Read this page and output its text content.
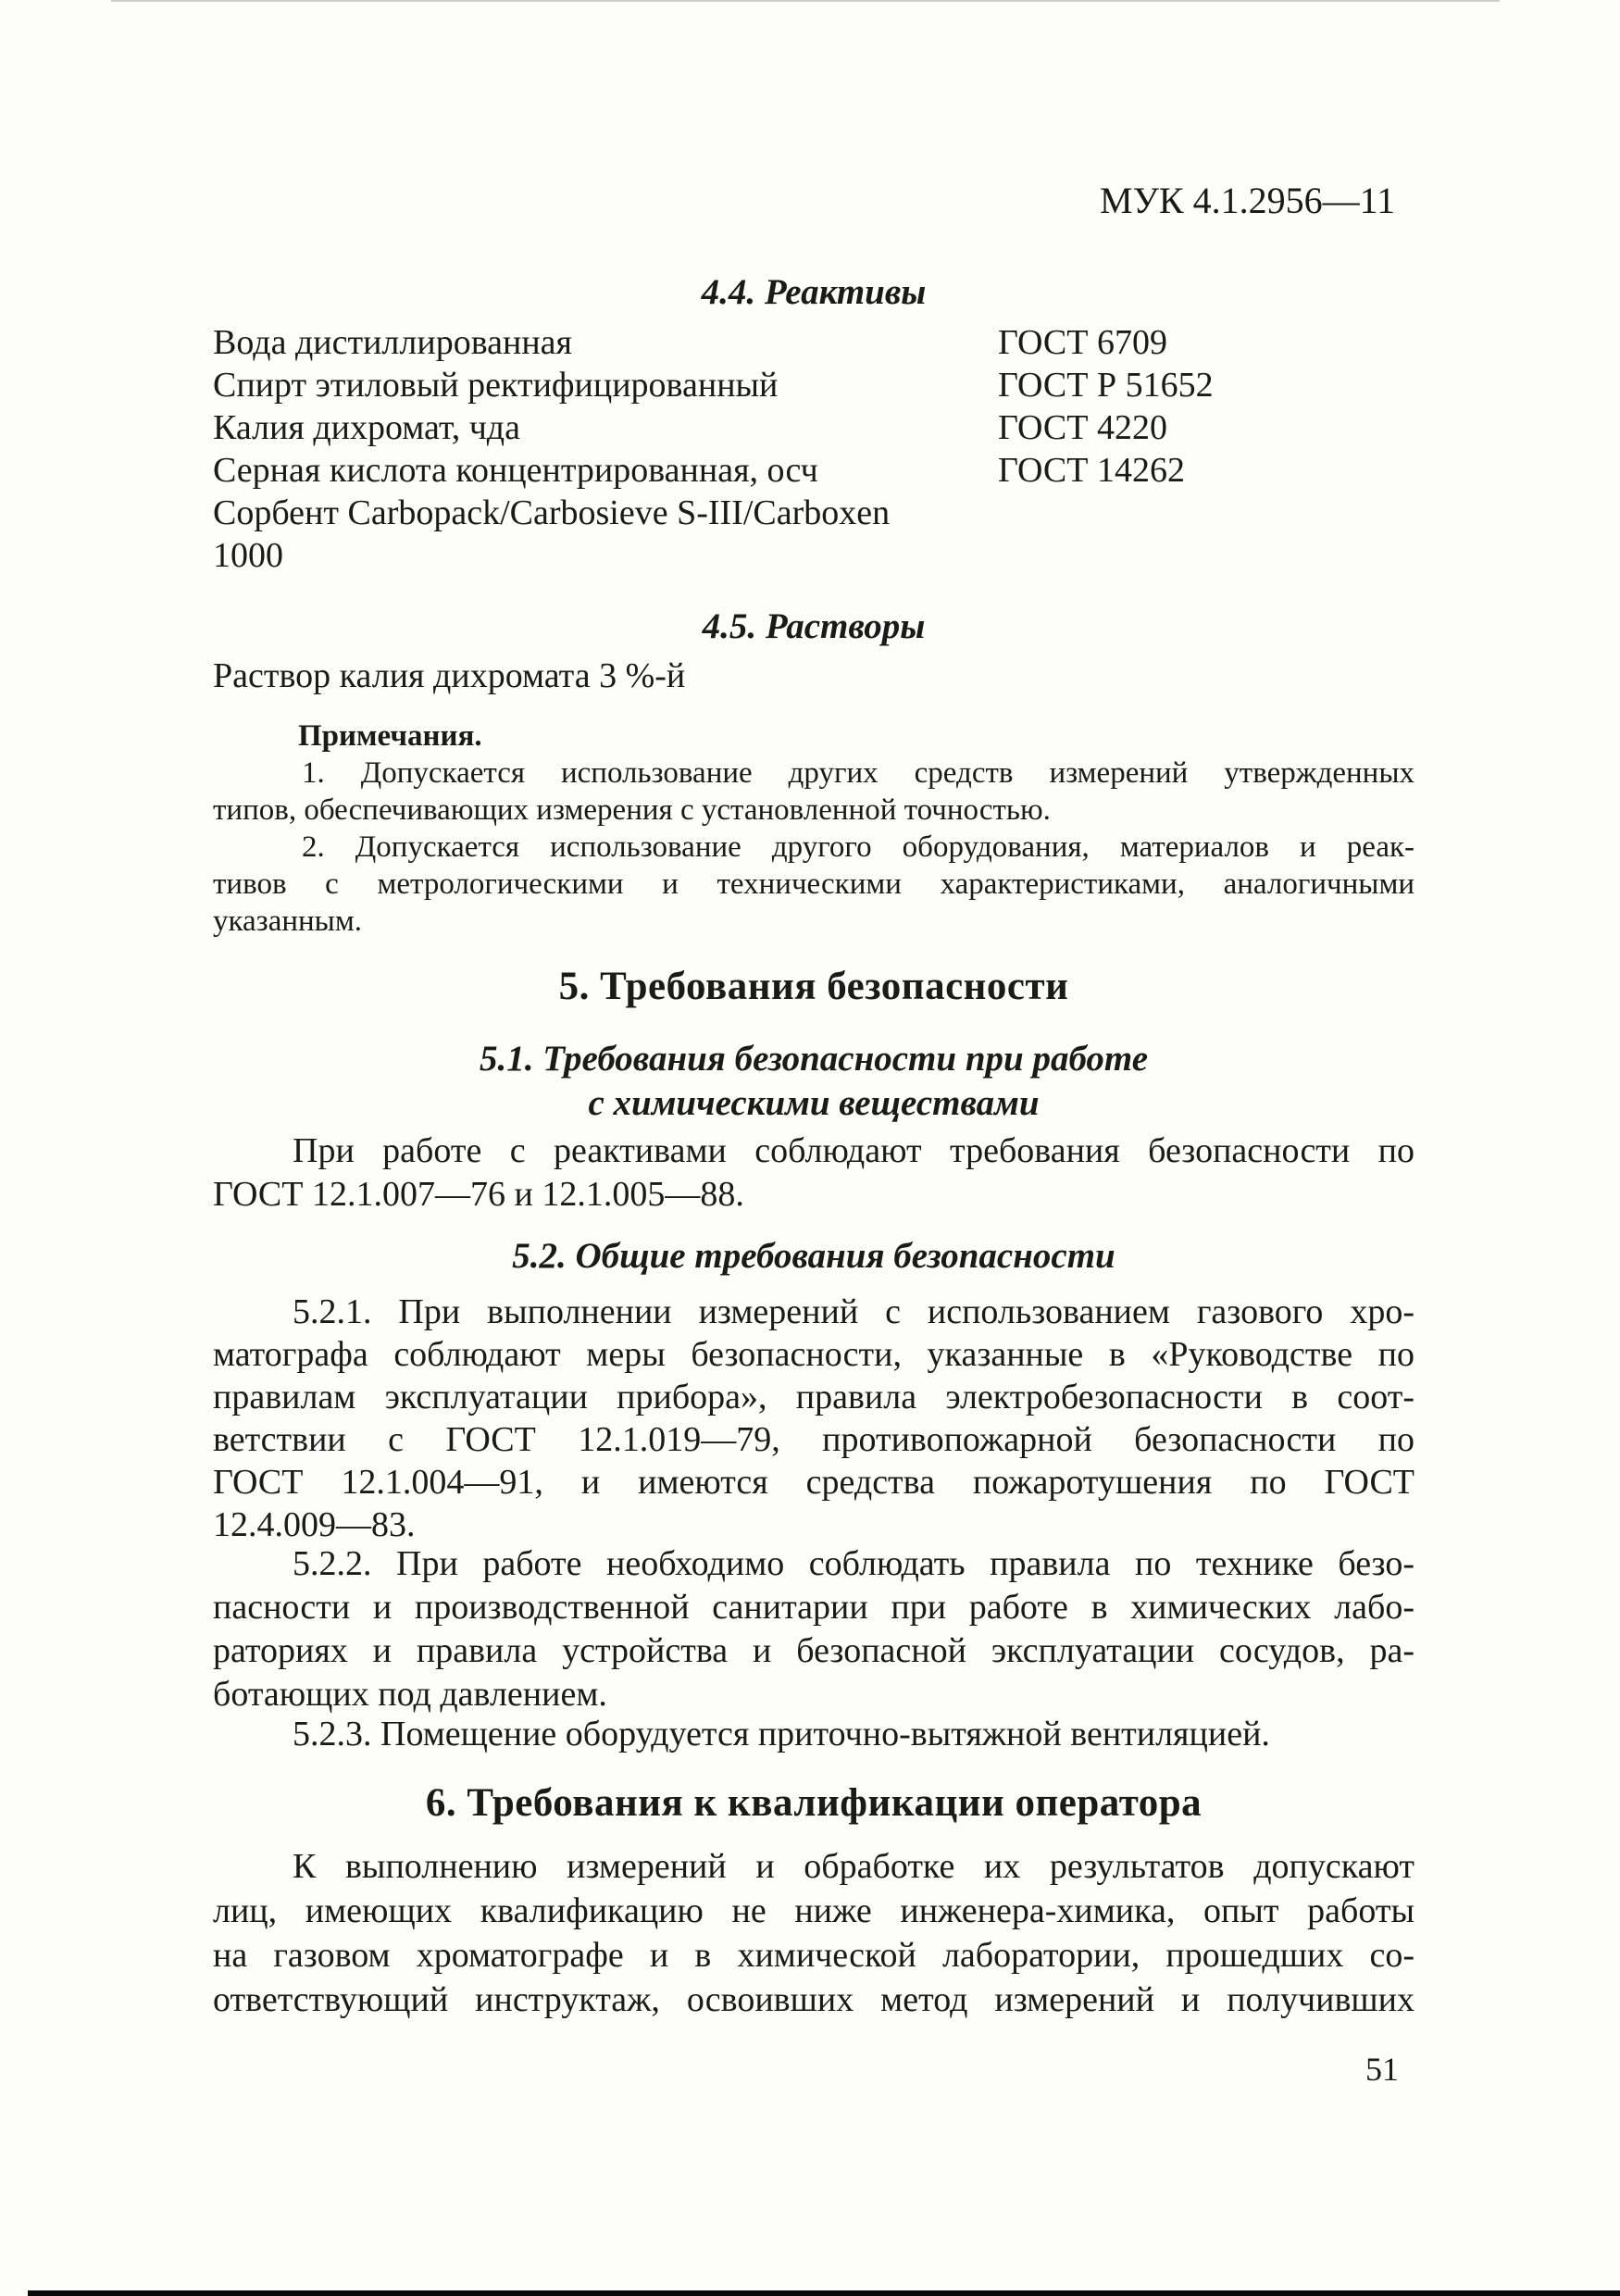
МУК 4.1.2956—11
4.4. Реактивы
Вода дистиллированная	ГОСТ 6709
Спирт этиловый ректифицированный	ГОСТ Р 51652
Калия дихромат, чда	ГОСТ 4220
Серная кислота концентрированная, осч	ГОСТ 14262
Сорбент Carbopack/Carbosieve S-III/Carboxen
1000
4.5. Растворы
Раствор калия дихромата 3 %-й
Примечания.
1. Допускается использование других средств измерений утвержденных
типов, обеспечивающих измерения с установленной точностью.
2. Допускается использование другого оборудования, материалов и реак-
тивов с метрологическими и техническими характеристиками, аналогичными
указанным.
5. Требования безопасности
5.1. Требования безопасности при работе
с химическими веществами
При работе с реактивами соблюдают требования безопасности по
ГОСТ 12.1.007—76 и 12.1.005—88.
5.2. Общие требования безопасности
5.2.1. При выполнении измерений с использованием газового хро-
матографа соблюдают меры безопасности, указанные в «Руководстве по
правилам эксплуатации прибора», правила электробезопасности в соот-
ветствии с ГОСТ 12.1.019—79, противопожарной безопасности по
ГОСТ 12.1.004—91, и имеются средства пожаротушения по ГОСТ
12.4.009—83.
5.2.2. При работе необходимо соблюдать правила по технике безо-
пасности и производственной санитарии при работе в химических лабо-
раториях и правила устройства и безопасной эксплуатации сосудов, ра-
ботающих под давлением.
5.2.3. Помещение оборудуется приточно-вытяжной вентиляцией.
6. Требования к квалификации оператора
К выполнению измерений и обработке их результатов допускают
лиц, имеющих квалификацию не ниже инженера-химика, опыт работы
на газовом хроматографе и в химической лаборатории, прошедших со-
ответствующий инструктаж, освоивших метод измерений и получивших
51
